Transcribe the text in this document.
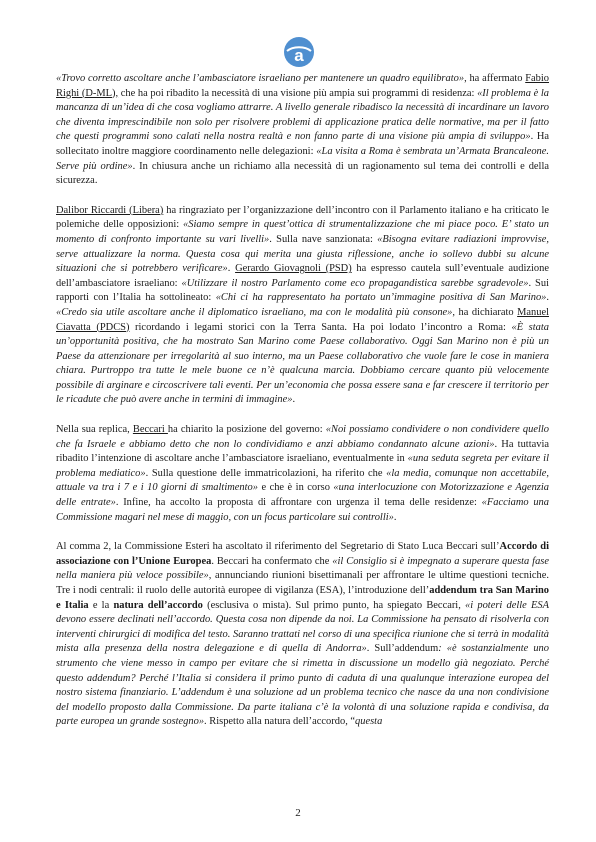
a

«Trovo corretto ascoltare anche l’ambasciatore israeliano per mantenere un quadro equilibrato», ha affermato Fabio Righi (D-ML), che ha poi ribadito la necessità di una visione più ampia sui programmi di residenza: «Il problema è la mancanza di un’idea di che cosa vogliamo attrarre. A livello generale ribadisco la necessità di incardinare un lavoro che diventa imprescindibile non solo per risolvere problemi di applicazione pratica delle normative, ma per il fatto che questi programmi sono calati nella nostra realtà e non fanno parte di una visione più ampia di sviluppo». Ha sollecitato inoltre maggiore coordinamento nelle delegazioni: «La visita a Roma è sembrata un’Armata Brancaleone. Serve più ordine». In chiusura anche un richiamo alla necessità di un ragionamento sul tema dei controlli e della sicurezza.

Dalibor Riccardi (Libera) ha ringraziato per l’organizzazione dell’incontro con il Parlamento italiano e ha criticato le polemiche delle opposizioni: «Siamo sempre in quest’ottica di strumentalizzazione che mi piace poco. E’ stato un momento di confronto importante su vari livelli». Sulla nave sanzionata: «Bisogna evitare radiazioni improvvise, serve attualizzare la norma. Questa cosa qui merita una giusta riflessione, anche io sollevo dubbi su alcune situazioni che si potrebbero verificare». Gerardo Giovagnoli (PSD) ha espresso cautela sull’eventuale audizione dell’ambasciatore israeliano: «Utilizzare il nostro Parlamento come eco propagandistica sarebbe sgradevole». Sui rapporti con l’Italia ha sottolineato: «Chi ci ha rappresentato ha portato un’immagine positiva di San Marino». «Credo sia utile ascoltare anche il diplomatico israeliano, ma con le modalità più consone», ha dichiarato Manuel Ciavatta (PDCS) ricordando i legami storici con la Terra Santa. Ha poi lodato l’incontro a Roma: «È stata un’opportunità positiva, che ha mostrato San Marino come Paese collaborativo. Oggi San Marino non è più un Paese da attenzionare per irregolarità al suo interno, ma un Paese collaborativo che vuole fare le cose in maniera chiara. Purtroppo tra tutte le mele buone ce n’è qualcuna marcia. Dobbiamo cercare quanto più velocemente possibile di arginare e circoscrivere tali eventi. Per un’economia che possa essere sana e far crescere il territorio per le ricadute che può avere anche in termini di immagine».

Nella sua replica, Beccari ha chiarito la posizione del governo: «Noi possiamo condividere o non condividere quello che fa Israele e abbiamo detto che non lo condividiamo e anzi abbiamo condannato alcune azioni». Ha tuttavia ribadito l’intenzione di ascoltare anche l’ambasciatore israeliano, eventualmente in «una seduta segreta per evitare il problema mediatico». Sulla questione delle immatricolazioni, ha riferito che «la media, comunque non accettabile, attuale va tra i 7 e i 10 giorni di smaltimento» e che è in corso «una interlocuzione con Motorizzazione e Agenzia delle entrate». Infine, ha accolto la proposta di affrontare con urgenza il tema delle residenze: «Facciamo una Commissione magari nel mese di maggio, con un focus particolare sui controlli».

Al comma 2, la Commissione Esteri ha ascoltato il riferimento del Segretario di Stato Luca Beccari sull’Accordo di associazione con l’Unione Europea. Beccari ha confermato che «il Consiglio si è impegnato a superare questa fase nella maniera più veloce possibile», annunciando riunioni bisettimanali per affrontare le ultime questioni tecniche. Tre i nodi centrali: il ruolo delle autorità europee di vigilanza (ESA), l’introduzione dell’addendum tra San Marino e Italia e la natura dell’accordo (esclusiva o mista). Sul primo punto, ha spiegato Beccari, «i poteri delle ESA devono essere declinati nell’accordo. Questa cosa non dipende da noi. La Commissione ha pensato di risolverla con interventi chirurgici di modifica del testo. Saranno trattati nel corso di una specifica riunione che si terrà in modalità mista alla presenza della nostra delegazione e di quella di Andorra». Sull’addendum: «è sostanzialmente uno strumento che viene messo in campo per evitare che si rimetta in discussione un modello già negoziato. Perché questo addendum? Perché l’Italia si considera il primo punto di caduta di una qualunque interazione europea del nostro sistema finanziario. L’addendum è una soluzione ad un problema tecnico che nasce da una non condivisione del modello proposto dalla Commissione. Da parte italiana c’è la volontà di una soluzione rapida e condivisa, da parte europea un grande sostegno». Rispetto alla natura dell’accordo, “questa

2
